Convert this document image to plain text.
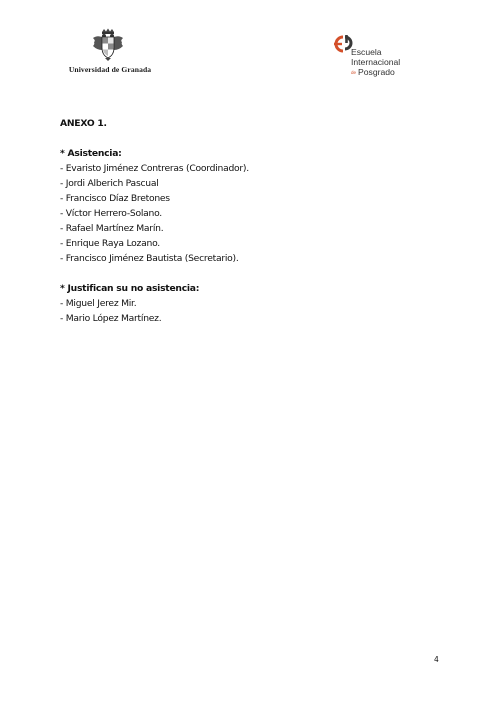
Universidad de Granada
Escuela
Internacional
de Posgrado
ANEXO 1.
* Asistencia:
- Evaristo Jiménez Contreras (Coordinador).
- Jordi Alberich Pascual
- Francisco Díaz Bretones
- Víctor Herrero-Solano.
- Rafael Martínez Marín.
- Enrique Raya Lozano.
- Francisco Jiménez Bautista (Secretario).
* Justifican su no asistencia:
- Miguel Jerez Mir.
- Mario López Martínez.
4
